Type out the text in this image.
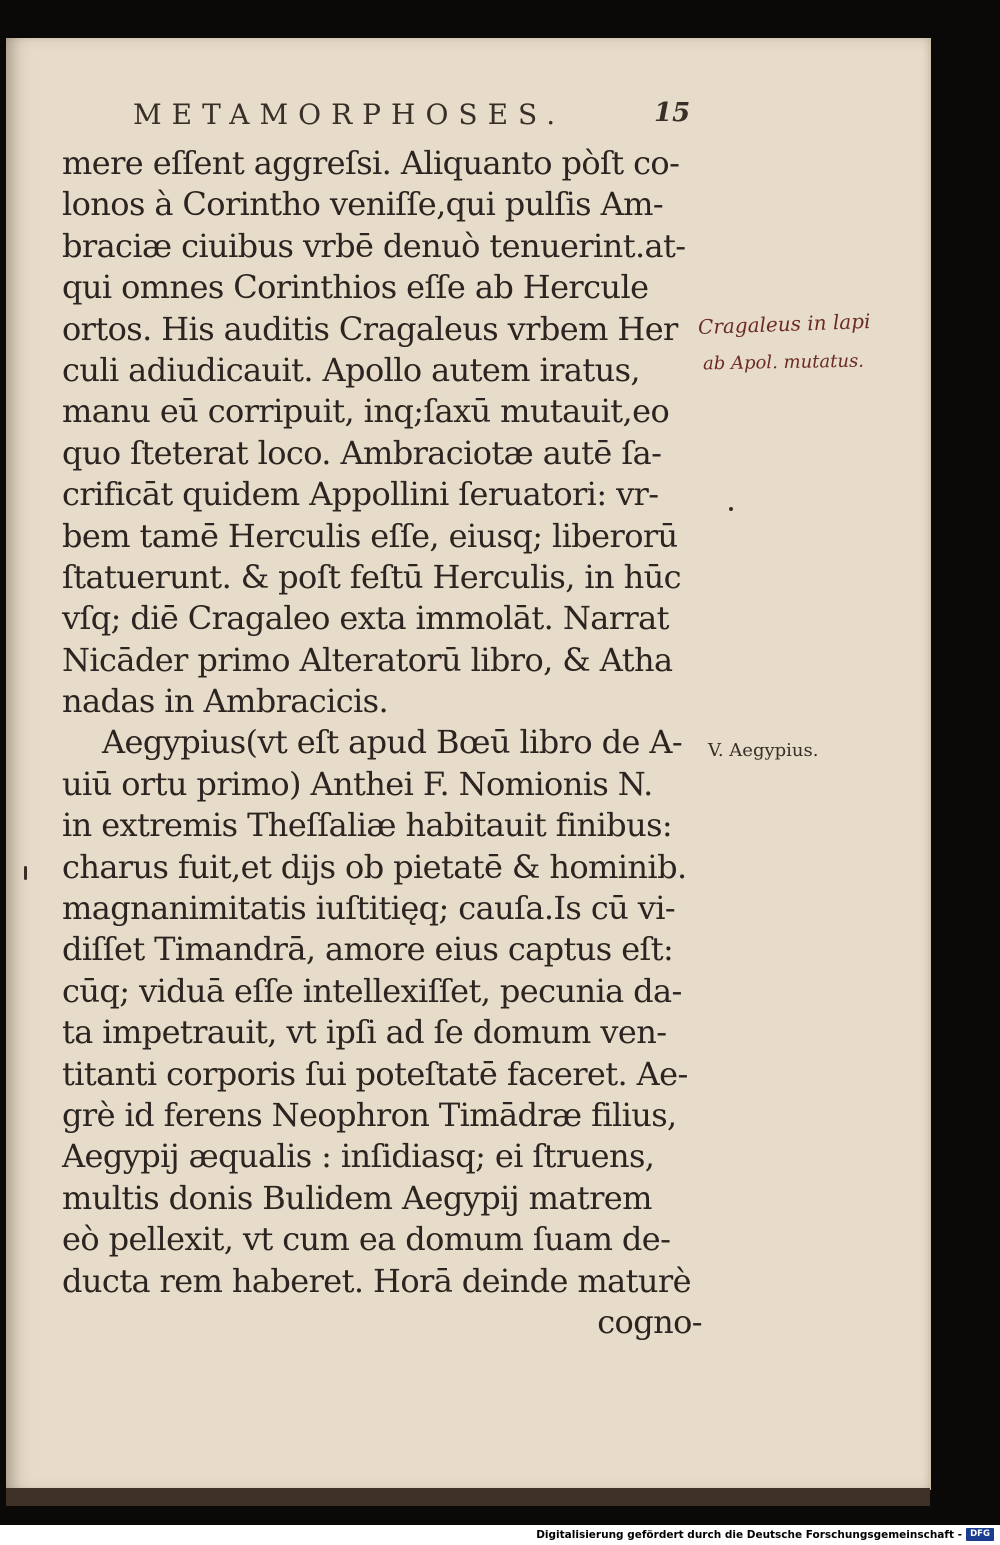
METAMORPHOSES.	15
mere eſſent aggreſsi. Aliquanto pòſt co-
lonos à Corintho veniſſe,qui pulſis Am-
braciæ ciuibus vrbē denuò tenuerint.at-
qui omnes Corinthios eſſe ab Hercule
ortos. His auditis Cragaleus vrbem Her
culi adiudicauit. Apollo autem iratus,
manu eū corripuit, inq;ſaxū mutauit,eo
quo ſteterat loco. Ambraciotæ autē ſa-
crificāt quidem Appollini ſeruatori: vr-
bem tamē Herculis eſſe, eiusq; liberorū
ſtatuerunt. & poſt feſtū Herculis, in hūc
vſq; diē Cragaleo exta immolāt. Narrat
Nicāder primo Alteratorū libro, & Atha
nadas in Ambracicis.
Aegypius(vt eſt apud Bœū libro de A-
uiū ortu primo) Anthei F. Nomionis N.
in extremis Theſſaliæ habitauit finibus:
charus fuit,et dijs ob pietatē & hominib.
magnanimitatis iuſtitięq; cauſa.Is cū vi-
diſſet Timandrā, amore eius captus eſt:
cūq; viduā eſſe intellexiſſet, pecunia da-
ta impetrauit, vt ipſi ad ſe domum ven-
titanti corporis ſui poteſtatē faceret. Ae-
grè id ferens Neophron Timādræ filius,
Aegypij æqualis : inſidiasq; ei ſtruens,
multis donis Bulidem Aegypij matrem
eò pellexit, vt cum ea domum ſuam de-
ducta rem haberet. Horā deinde maturè
cogno-
Cragaleus in lapi
ab Apol. mutatus.
V. Aegypius.
Digitalisierung gefördert durch die Deutsche Forschungsgemeinschaft - DFG
